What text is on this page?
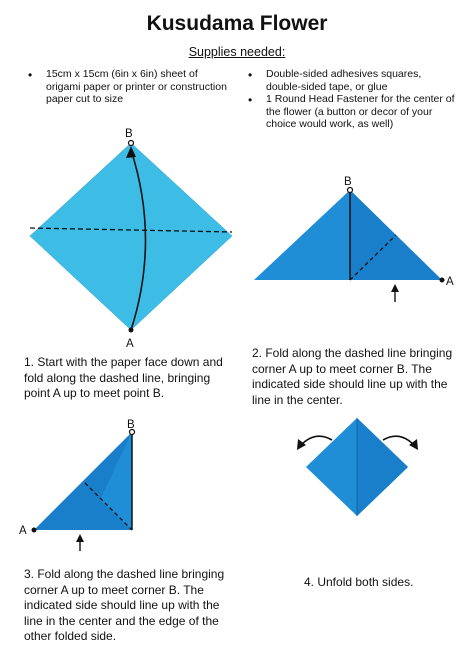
Kusudama Flower
Supplies needed:
• 15cm x 15cm (6in x 6in) sheet of origami paper or printer or construction paper cut to size
• Double-sided adhesives squares, double-sided tape, or glue
• 1 Round Head Fastener for the center of the flower (a button or decor of your choice would work, as well)
B
A
B
A
B
A
1. Start with the paper face down and fold along the dashed line, bringing point A up to meet point B.
2. Fold along the dashed line bringing corner A up to meet corner B. The indicated side should line up with the line in the center.
3. Fold along the dashed line bringing corner A up to meet corner B. The indicated side should line up with the line in the center and the edge of the other folded side.
4. Unfold both sides.
